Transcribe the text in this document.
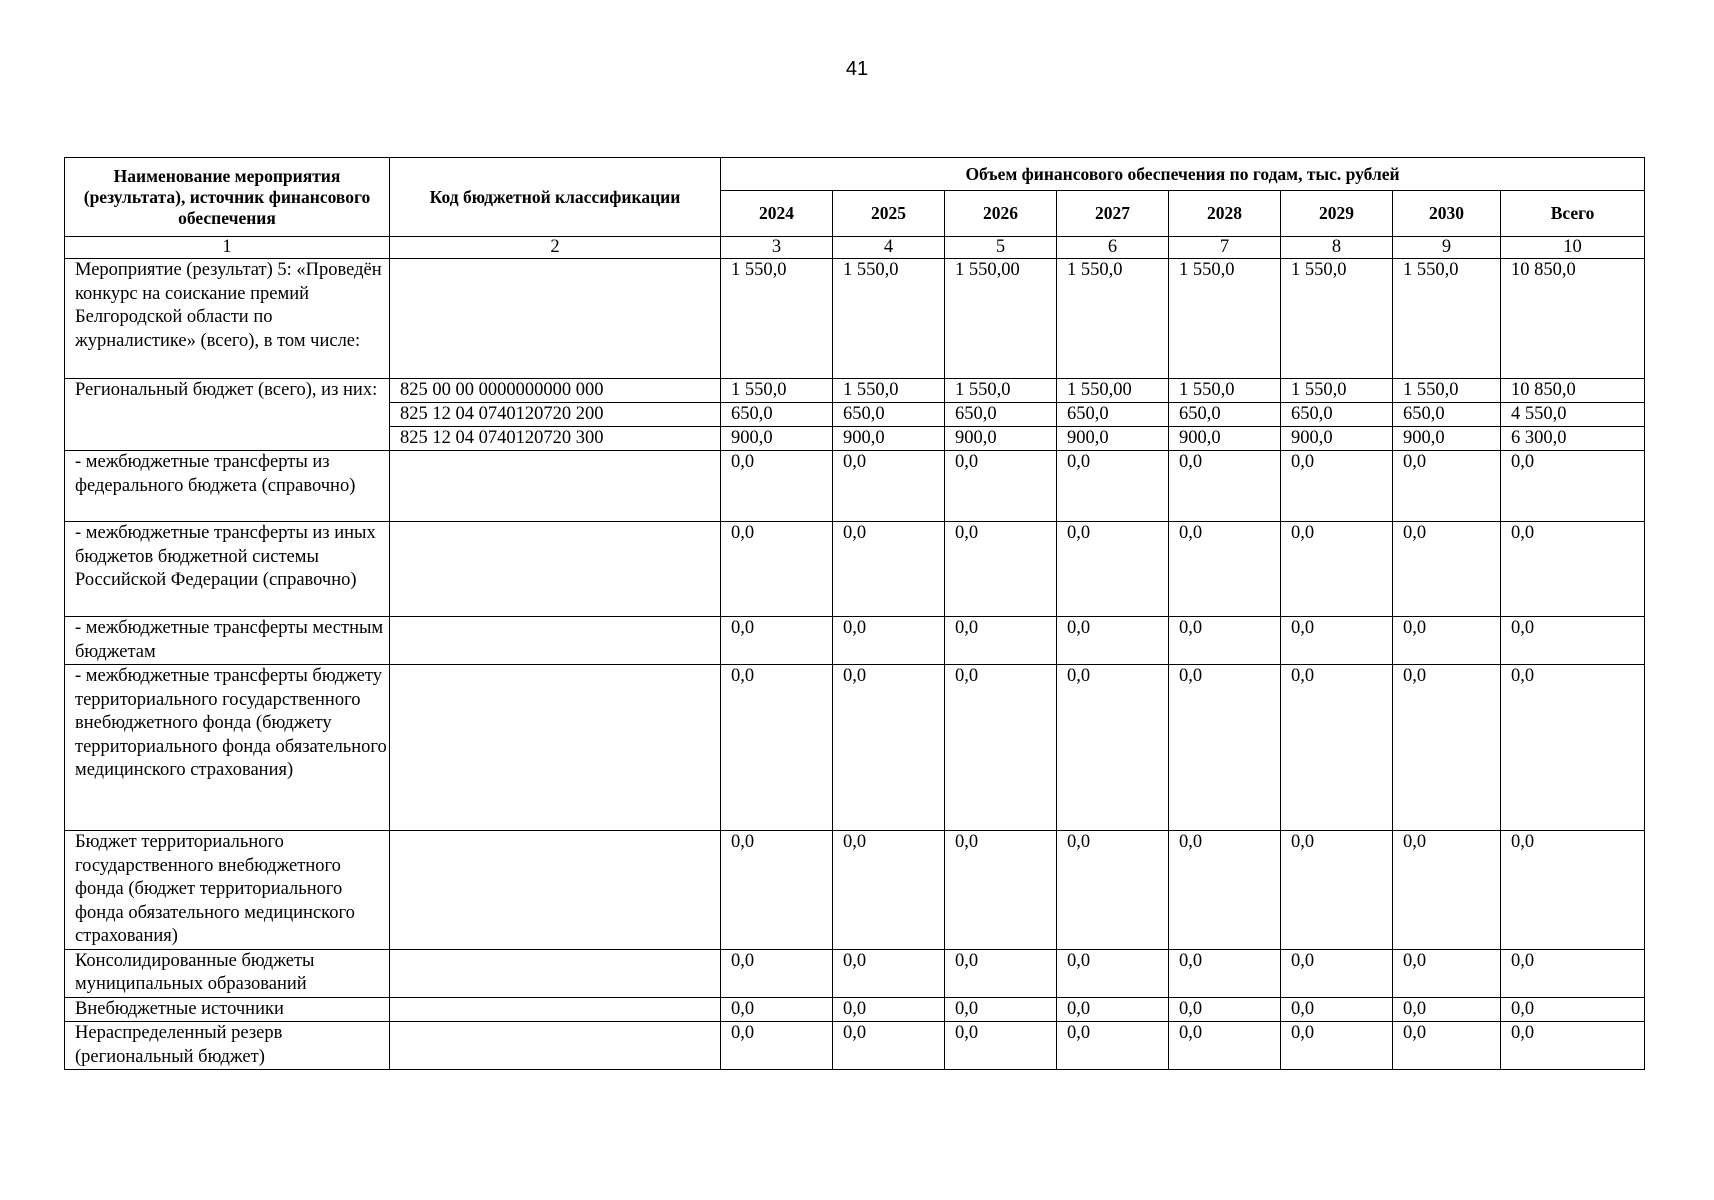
41
Наименование мероприятия (результата), источник финансового обеспечения	Код бюджетной классификации	Объем финансового обеспечения по годам, тыс. рублей							
		2024	2025	2026	2027	2028	2029	2030	Всего
1	2	3	4	5	6	7	8	9	10
Мероприятие (результат) 5: «Проведён конкурс на соискание премий Белгородской области по журналистике» (всего), в том числе:		1 550,0	1 550,0	1 550,00	1 550,0	1 550,0	1 550,0	1 550,0	10 850,0
Региональный бюджет (всего), из них:	825 00 00 0000000000 000	1 550,0	1 550,0	1 550,0	1 550,00	1 550,0	1 550,0	1 550,0	10 850,0
	825 12 04 0740120720 200	650,0	650,0	650,0	650,0	650,0	650,0	650,0	4 550,0
	825 12 04 0740120720 300	900,0	900,0	900,0	900,0	900,0	900,0	900,0	6 300,0
- межбюджетные трансферты из федерального бюджета (справочно)		0,0	0,0	0,0	0,0	0,0	0,0	0,0	0,0
- межбюджетные трансферты из иных бюджетов бюджетной системы Российской Федерации (справочно)		0,0	0,0	0,0	0,0	0,0	0,0	0,0	0,0
- межбюджетные трансферты местным бюджетам		0,0	0,0	0,0	0,0	0,0	0,0	0,0	0,0
- межбюджетные трансферты бюджету территориального государственного внебюджетного фонда (бюджету территориального фонда обязательного медицинского страхования)		0,0	0,0	0,0	0,0	0,0	0,0	0,0	0,0
Бюджет территориального государственного внебюджетного фонда (бюджет территориального фонда обязательного медицинского страхования)		0,0	0,0	0,0	0,0	0,0	0,0	0,0	0,0
Консолидированные бюджеты муниципальных образований		0,0	0,0	0,0	0,0	0,0	0,0	0,0	0,0
Внебюджетные источники		0,0	0,0	0,0	0,0	0,0	0,0	0,0	0,0
Нераспределенный резерв (региональный бюджет)		0,0	0,0	0,0	0,0	0,0	0,0	0,0	0,0
